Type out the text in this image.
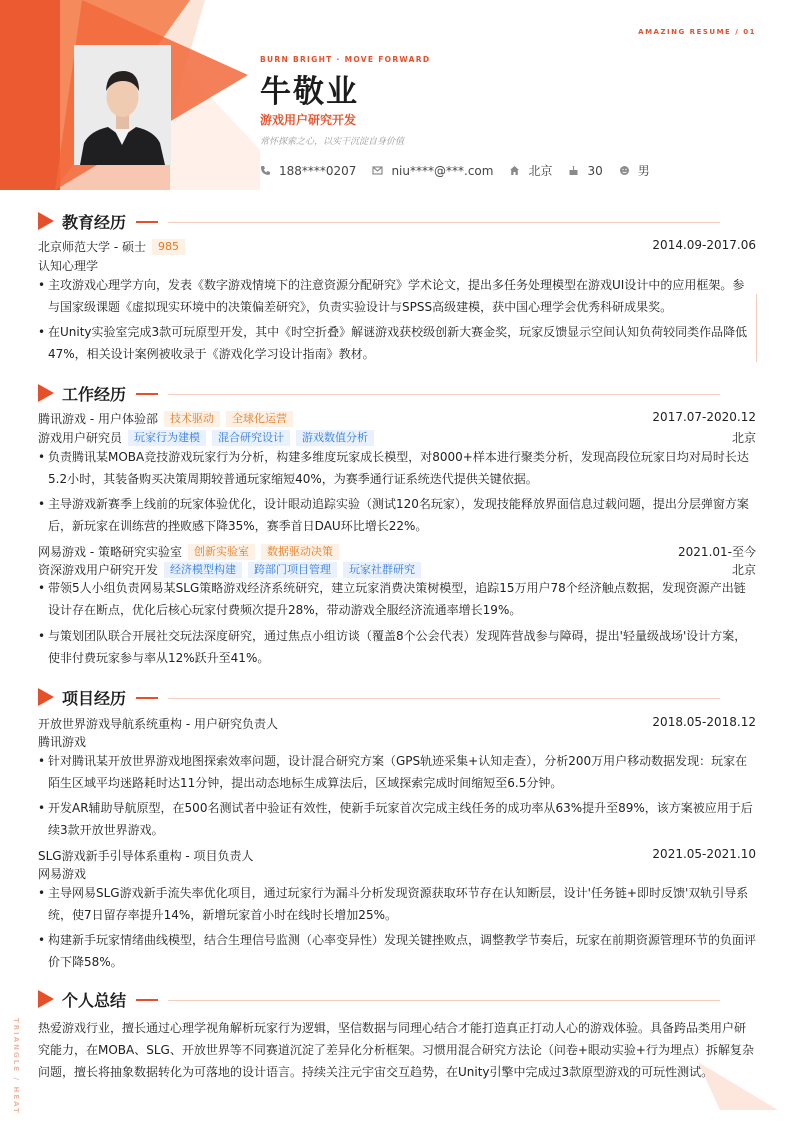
AMAZING RESUME / 01
BURN BRIGHT · MOVE FORWARD
牛敬业
游戏用户研究开发
常怀探索之心，以实干沉淀自身价值
188****0207	niu****@***.com	北京	30	男
教育经历
北京师范大学 - 硕士	985	2014.09-2017.06
认知心理学
• 主攻游戏心理学方向，发表《数字游戏情境下的注意资源分配研究》学术论文，提出多任务处理模型在游戏UI设计中的应用框架。参与国家级课题《虚拟现实环境中的决策偏差研究》，负责实验设计与SPSS高级建模，获中国心理学会优秀科研成果奖。
• 在Unity实验室完成3款可玩原型开发，其中《时空折叠》解谜游戏获校级创新大赛金奖，玩家反馈显示空间认知负荷较同类作品降低47%，相关设计案例被收录于《游戏化学习设计指南》教材。
工作经历
腾讯游戏 - 用户体验部	技术驱动	全球化运营	2017.07-2020.12
游戏用户研究员	玩家行为建模	混合研究设计	游戏数值分析	北京
• 负责腾讯某MOBA竞技游戏玩家行为分析，构建多维度玩家成长模型，对8000+样本进行聚类分析，发现高段位玩家日均对局时长达5.2小时，其装备购买决策周期较普通玩家缩短40%，为赛季通行证系统迭代提供关键依据。
• 主导游戏新赛季上线前的玩家体验优化，设计眼动追踪实验（测试120名玩家），发现技能释放界面信息过载问题，提出分层弹窗方案后，新玩家在训练营的挫败感下降35%，赛季首日DAU环比增长22%。
网易游戏 - 策略研究实验室	创新实验室	数据驱动决策	2021.01-至今
资深游戏用户研究开发	经济模型构建	跨部门项目管理	玩家社群研究	北京
• 带领5人小组负责网易某SLG策略游戏经济系统研究，建立玩家消费决策树模型，追踪15万用户78个经济触点数据，发现资源产出链设计存在断点，优化后核心玩家付费频次提升28%，带动游戏全服经济流通率增长19%。
• 与策划团队联合开展社交玩法深度研究，通过焦点小组访谈（覆盖8个公会代表）发现阵营战参与障碍，提出'轻量级战场'设计方案，使非付费玩家参与率从12%跃升至41%。
项目经历
开放世界游戏导航系统重构 - 用户研究负责人	2018.05-2018.12
腾讯游戏
• 针对腾讯某开放世界游戏地图探索效率问题，设计混合研究方案（GPS轨迹采集+认知走查），分析200万用户移动数据发现：玩家在陌生区域平均迷路耗时达11分钟，提出动态地标生成算法后，区域探索完成时间缩短至6.5分钟。
• 开发AR辅助导航原型，在500名测试者中验证有效性，使新手玩家首次完成主线任务的成功率从63%提升至89%，该方案被应用于后续3款开放世界游戏。
SLG游戏新手引导体系重构 - 项目负责人	2021.05-2021.10
网易游戏
• 主导网易SLG游戏新手流失率优化项目，通过玩家行为漏斗分析发现资源获取环节存在认知断层，设计'任务链+即时反馈'双轨引导系统，使7日留存率提升14%，新增玩家首小时在线时长增加25%。
• 构建新手玩家情绪曲线模型，结合生理信号监测（心率变异性）发现关键挫败点，调整教学节奏后，玩家在前期资源管理环节的负面评价下降58%。
个人总结
热爱游戏行业，擅长通过心理学视角解析玩家行为逻辑，坚信数据与同理心结合才能打造真正打动人心的游戏体验。具备跨品类用户研究能力，在MOBA、SLG、开放世界等不同赛道沉淀了差异化分析框架。习惯用混合研究方法论（问卷+眼动实验+行为埋点）拆解复杂问题，擅长将抽象数据转化为可落地的设计语言。持续关注元宇宙交互趋势，在Unity引擎中完成过3款原型游戏的可玩性测试。
TRIANGLE / HEAT
